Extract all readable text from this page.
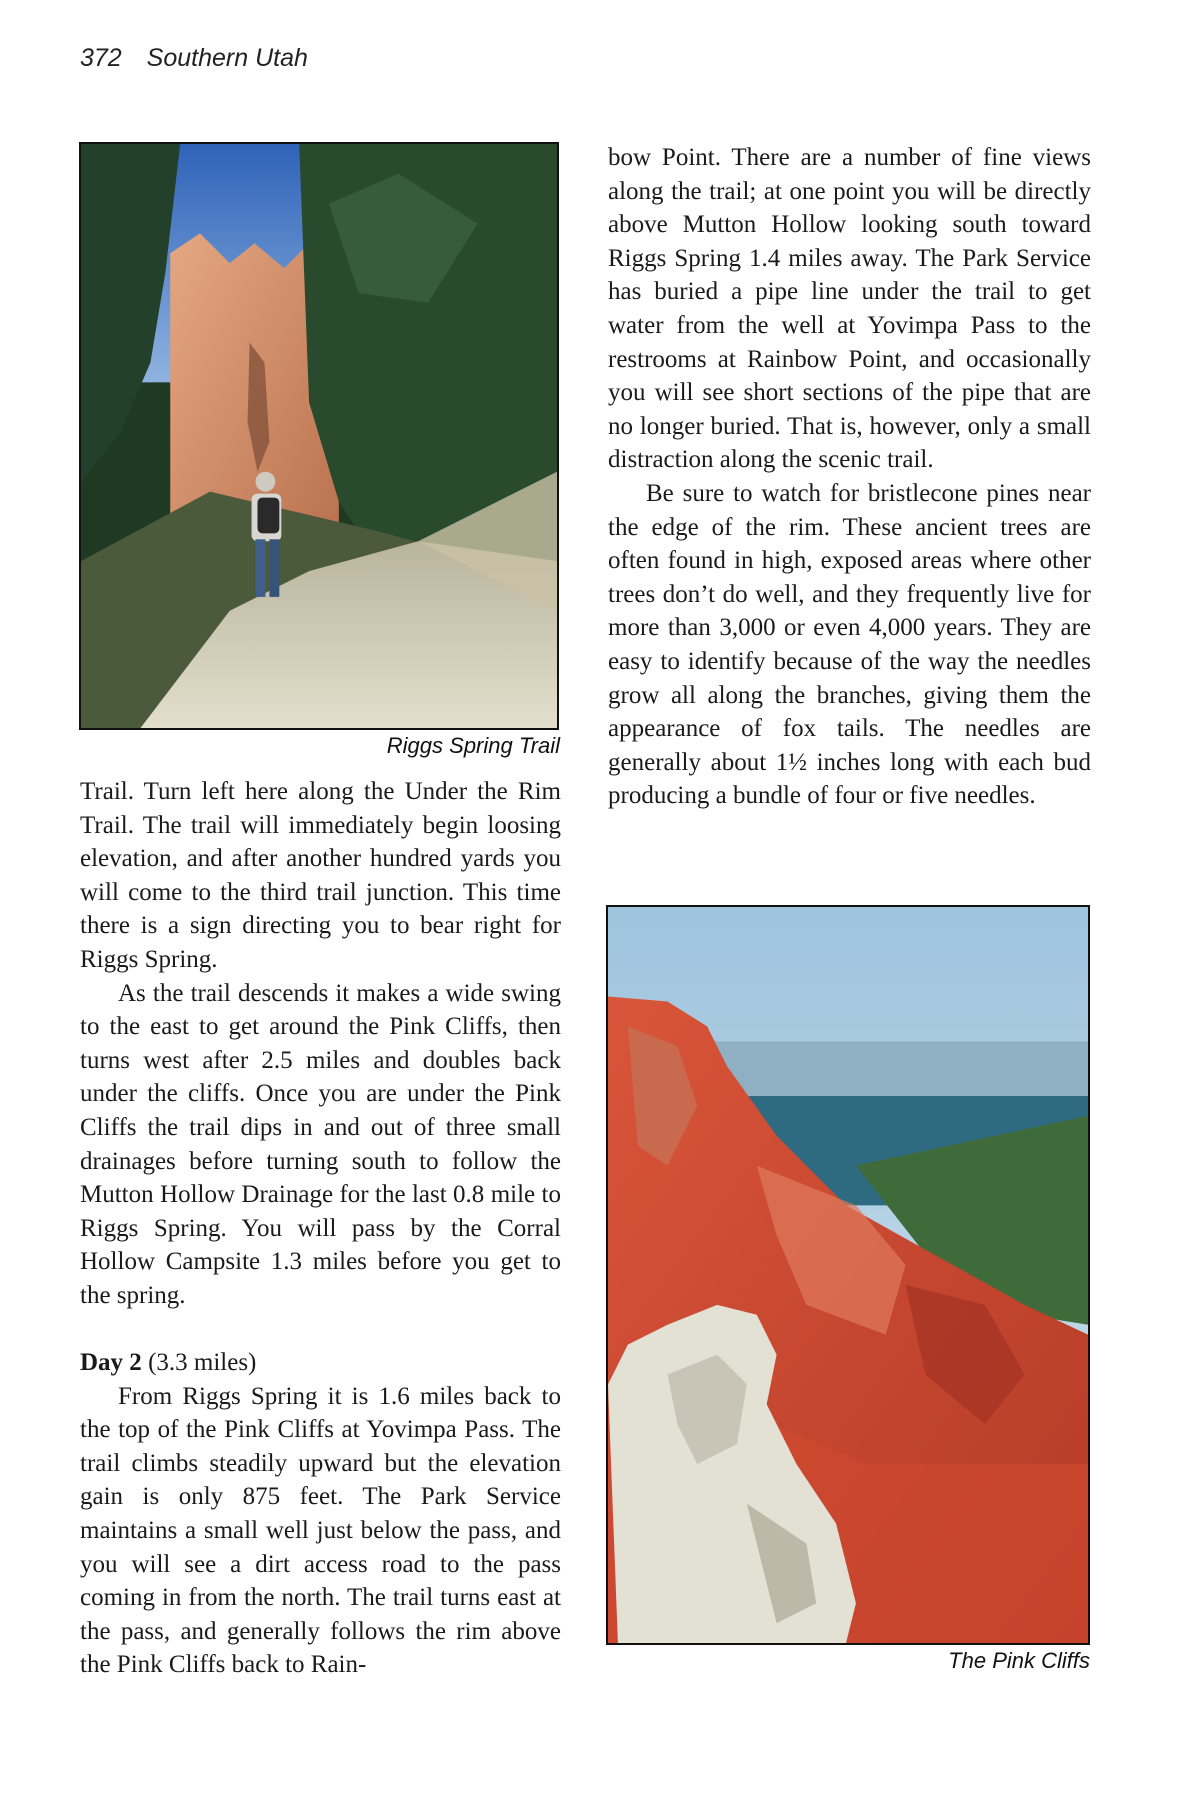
372 Southern Utah
Riggs Spring Trail

Trail. Turn left here along the Under the Rim Trail. The trail will immediately begin loosing elevation, and after another hundred yards you will come to the third trail junction. This time there is a sign directing you to bear right for Riggs Spring.

As the trail descends it makes a wide swing to the east to get around the Pink Cliffs, then turns west after 2.5 miles and doubles back under the cliffs. Once you are under the Pink Cliffs the trail dips in and out of three small drainages before turning south to follow the Mutton Hollow Drainage for the last 0.8 mile to Riggs Spring. You will pass by the Corral Hollow Campsite 1.3 miles before you get to the spring.

Day 2 (3.3 miles)

From Riggs Spring it is 1.6 miles back to the top of the Pink Cliffs at Yovimpa Pass. The trail climbs steadily upward but the elevation gain is only 875 feet. The Park Service maintains a small well just below the pass, and you will see a dirt access road to the pass coming in from the north. The trail turns east at the pass, and generally follows the rim above the Pink Cliffs back to Rain-

bow Point. There are a number of fine views along the trail; at one point you will be directly above Mutton Hollow looking south toward Riggs Spring 1.4 miles away. The Park Service has buried a pipe line under the trail to get water from the well at Yovimpa Pass to the restrooms at Rainbow Point, and occasionally you will see short sections of the pipe that are no longer buried. That is, however, only a small distraction along the scenic trail.

Be sure to watch for bristlecone pines near the edge of the rim. These ancient trees are often found in high, exposed areas where other trees don’t do well, and they frequently live for more than 3,000 or even 4,000 years. They are easy to identify because of the way the needles grow all along the branches, giving them the appearance of fox tails. The needles are generally about 1½ inches long with each bud producing a bundle of four or five needles.

The Pink Cliffs
